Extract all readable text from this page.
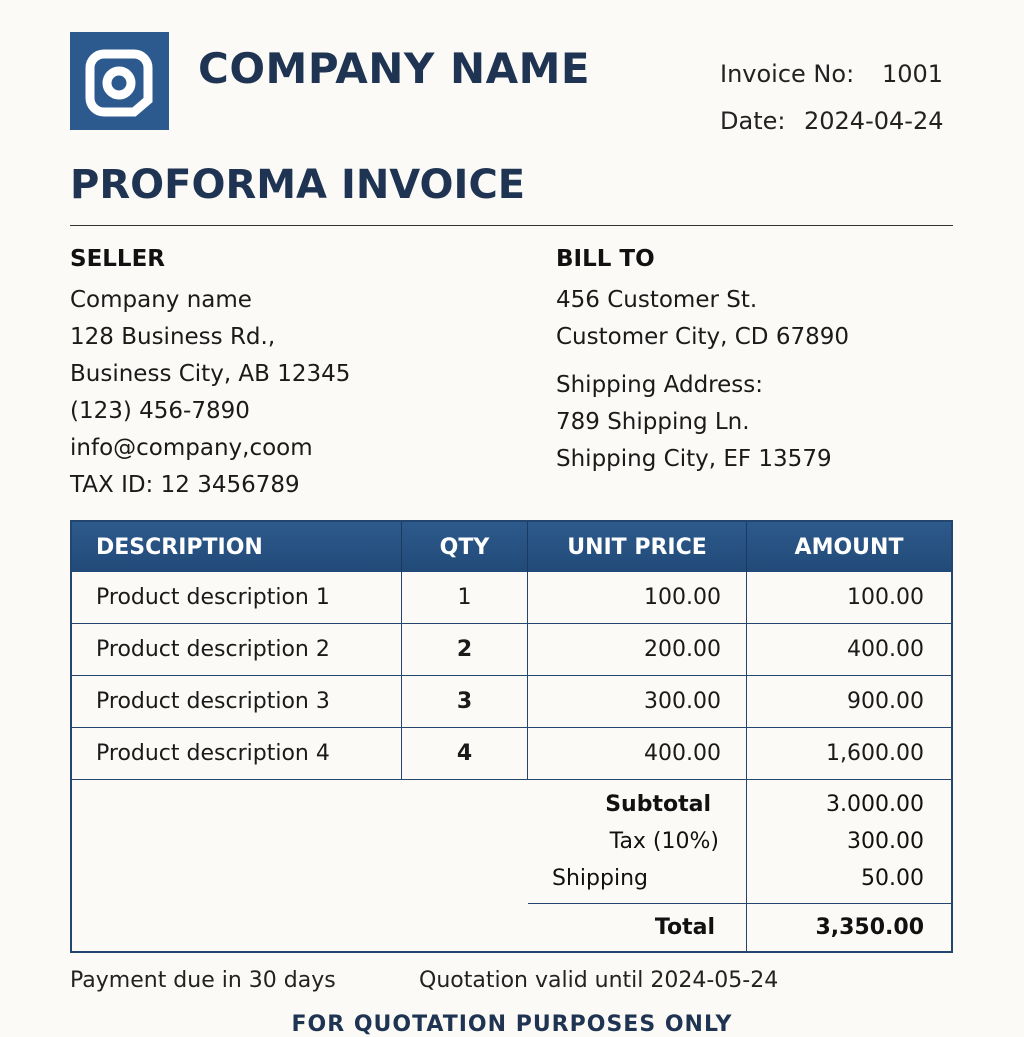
COMPANY NAME	Invoice No: 1001
Date: 2024-04-24
PROFORMA INVOICE
SELLER
Company name
128 Business Rd.,
Business City, AB 12345
(123) 456-7890
info@company,coom
TAX ID: 12 3456789
BILL TO
456 Customer St.
Customer City, CD 67890
Shipping Address:
789 Shipping Ln.
Shipping City, EF 13579
DESCRIPTION	QTY	UNIT PRICE	AMOUNT
Product description 1	1	100.00	100.00
Product description 2	2	200.00	400.00
Product description 3	3	300.00	900.00
Product description 4	4	400.00	1,600.00
Subtotal	3.000.00
Tax (10%)	300.00
Shipping	50.00
Total	3,350.00
Payment due in 30 days	Quotation valid until 2024-05-24
FOR QUOTATION PURPOSES ONLY
